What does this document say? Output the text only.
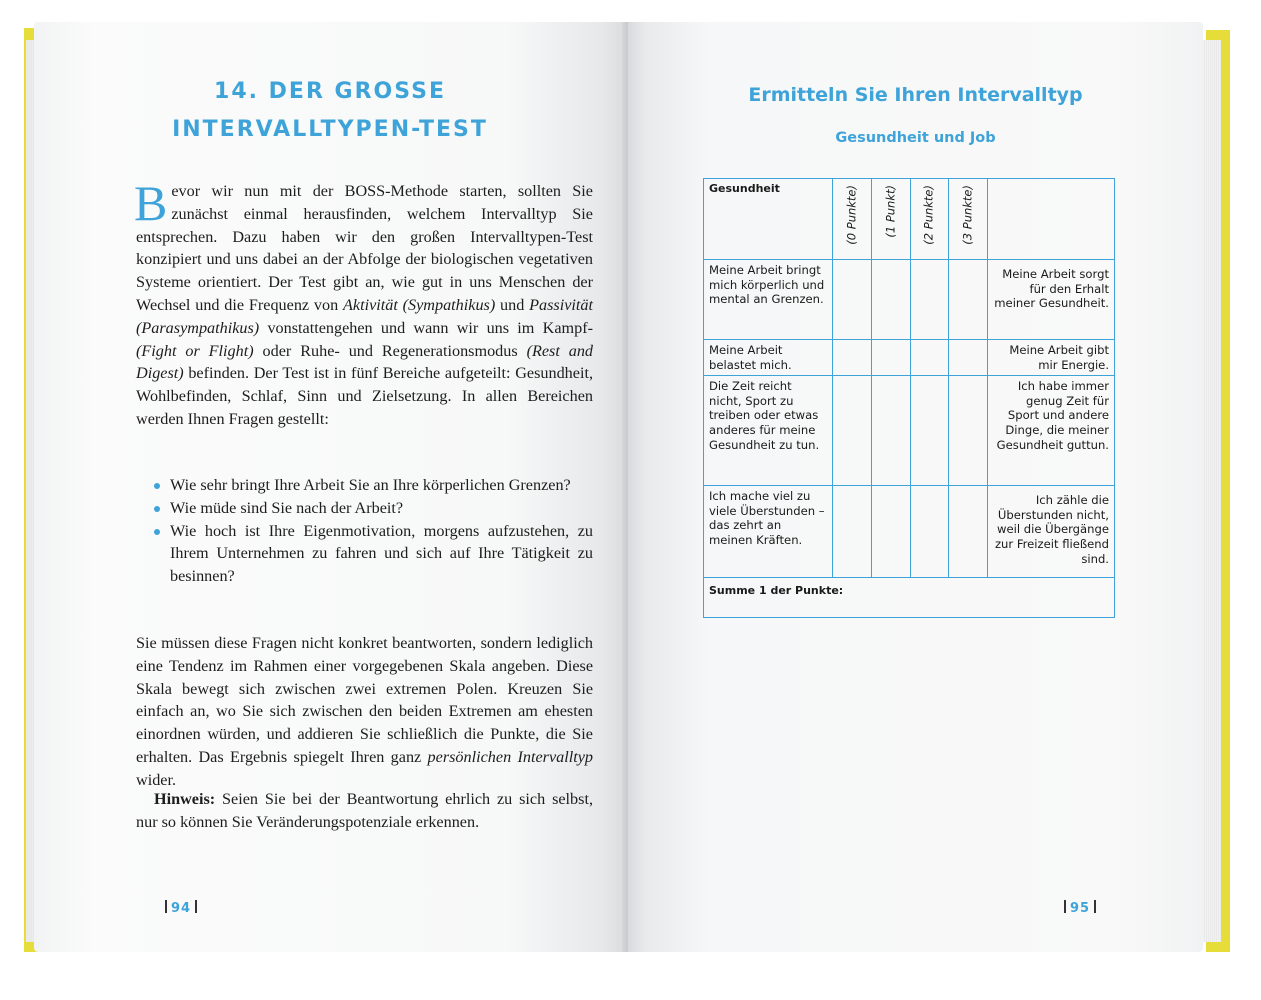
14. DER GROSSE
INTERVALLTYPEN-TEST

Bevor wir nun mit der BOSS-Methode starten, sollten Sie zunächst einmal herausfinden, welchem Intervalltyp Sie entsprechen. Dazu haben wir den großen Intervalltypen-Test konzipiert und uns dabei an der Abfolge der biologischen vegetativen Systeme orientiert. Der Test gibt an, wie gut in uns Menschen der Wechsel und die Frequenz von Aktivität (Sympathikus) und Passivität (Parasympathikus) vonstattengehen und wann wir uns im Kampf- (Fight or Flight) oder Ruhe- und Regenerationsmodus (Rest and Digest) befinden. Der Test ist in fünf Bereiche aufgeteilt: Gesundheit, Wohlbefinden, Schlaf, Sinn und Zielsetzung. In allen Bereichen werden Ihnen Fragen gestellt:

Wie sehr bringt Ihre Arbeit Sie an Ihre körperlichen Grenzen?
Wie müde sind Sie nach der Arbeit?
Wie hoch ist Ihre Eigenmotivation, morgens aufzustehen, zu Ihrem Unternehmen zu fahren und sich auf Ihre Tätigkeit zu besinnen?

Sie müssen diese Fragen nicht konkret beantworten, sondern lediglich eine Tendenz im Rahmen einer vorgegebenen Skala angeben. Diese Skala bewegt sich zwischen zwei extremen Polen. Kreuzen Sie einfach an, wo Sie sich zwischen den beiden Extremen am ehesten einordnen würden, und addieren Sie schließlich die Punkte, die Sie erhalten. Das Ergebnis spiegelt Ihren ganz persönlichen Intervalltyp wider.

Hinweis: Seien Sie bei der Beantwortung ehrlich zu sich selbst, nur so können Sie Veränderungspotenziale erkennen.

94
Ermitteln Sie Ihren Intervalltyp
Gesundheit und Job
Gesundheit	(0 Punkte)	(1 Punkt)	(2 Punkte)	(3 Punkte)	

Meine Arbeit bringt mich körperlich und mental an Grenzen.					Meine Arbeit sorgt für den Erhalt meiner Gesundheit.
Meine Arbeit belastet mich.					Meine Arbeit gibt mir Energie.
Die Zeit reicht nicht, Sport zu treiben oder etwas anderes für meine Gesundheit zu tun.					Ich habe immer genug Zeit für Sport und andere Dinge, die meiner Gesundheit guttun.
Ich mache viel zu viele Überstunden – das zehrt an meinen Kräften.					Ich zähle die Überstunden nicht, weil die Übergänge zur Freizeit fließend sind.
Summe 1 der Punkte:					
95
